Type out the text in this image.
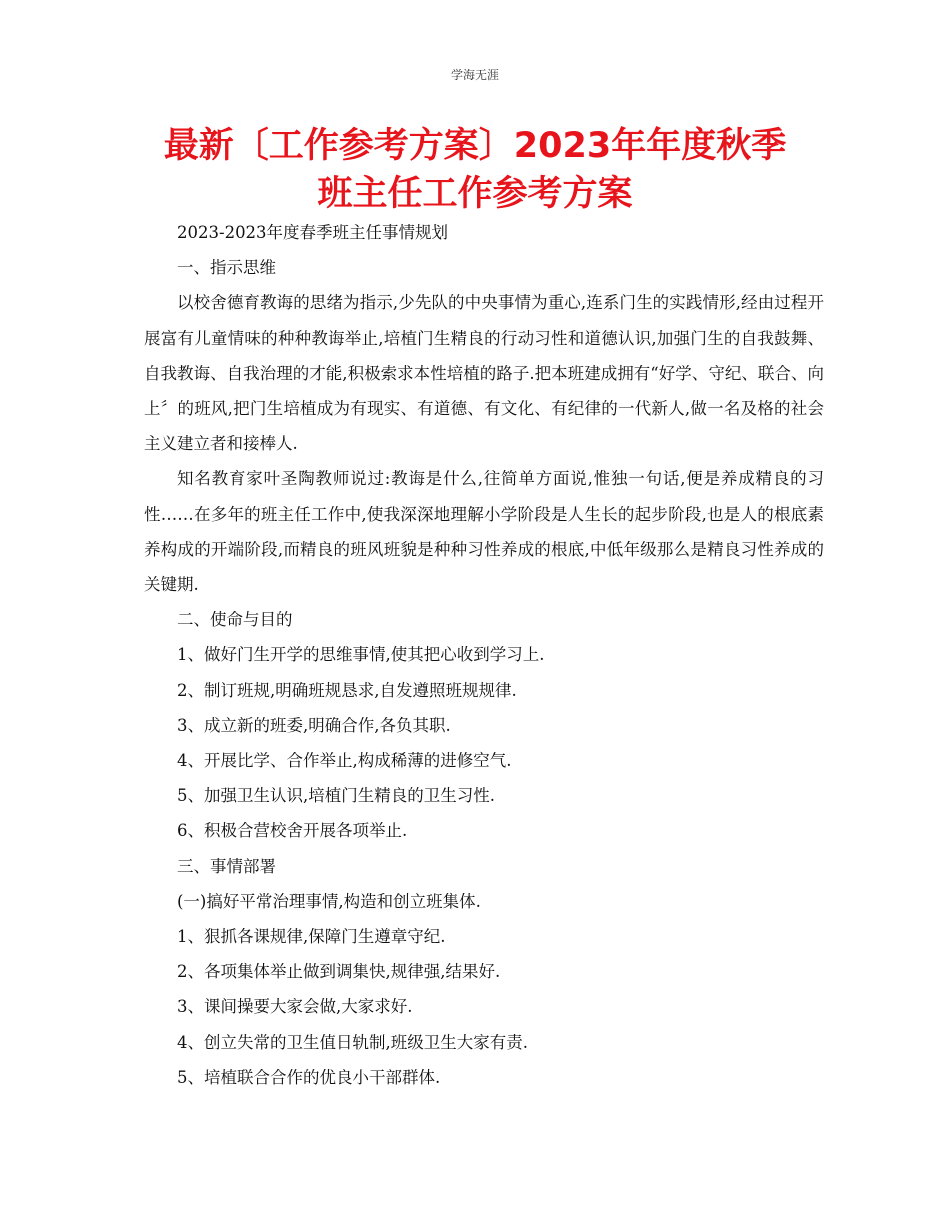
学海无涯
最新〔工作参考方案〕2023年年度秋季
班主任工作参考方案

2023-2023年度春季班主任事情规划

一、指示思维

以校舍德育教诲的思绪为指示,少先队的中央事情为重心,连系门生的实践情形,经由过程开展富有儿童情味的种种教诲举止,培植门生精良的行动习性和道德认识,加强门生的自我鼓舞、自我教诲、自我治理的才能,积极索求本性培植的路子.把本班建成拥有“好学、守纪、联合、向上〞的班风,把门生培植成为有现实、有道德、有文化、有纪律的一代新人,做一名及格的社会主义建立者和接棒人.

知名教育家叶圣陶教师说过:教诲是什么,往简单方面说,惟独一句话,便是养成精良的习性……在多年的班主任工作中,使我深深地理解小学阶段是人生长的起步阶段,也是人的根底素养构成的开端阶段,而精良的班风班貌是种种习性养成的根底,中低年级那么是精良习性养成的关键期.

二、使命与目的

1、做好门生开学的思维事情,使其把心收到学习上.

2、制订班规,明确班规恳求,自发遵照班规规律.

3、成立新的班委,明确合作,各负其职.

4、开展比学、合作举止,构成稀薄的进修空气.

5、加强卫生认识,培植门生精良的卫生习性.

6、积极合营校舍开展各项举止.

三、事情部署

(一)搞好平常治理事情,构造和创立班集体.

1、狠抓各课规律,保障门生遵章守纪.

2、各项集体举止做到调集快,规律强,结果好.

3、课间操要大家会做,大家求好.

4、创立失常的卫生值日轨制,班级卫生大家有责.

5、培植联合合作的优良小干部群体.
